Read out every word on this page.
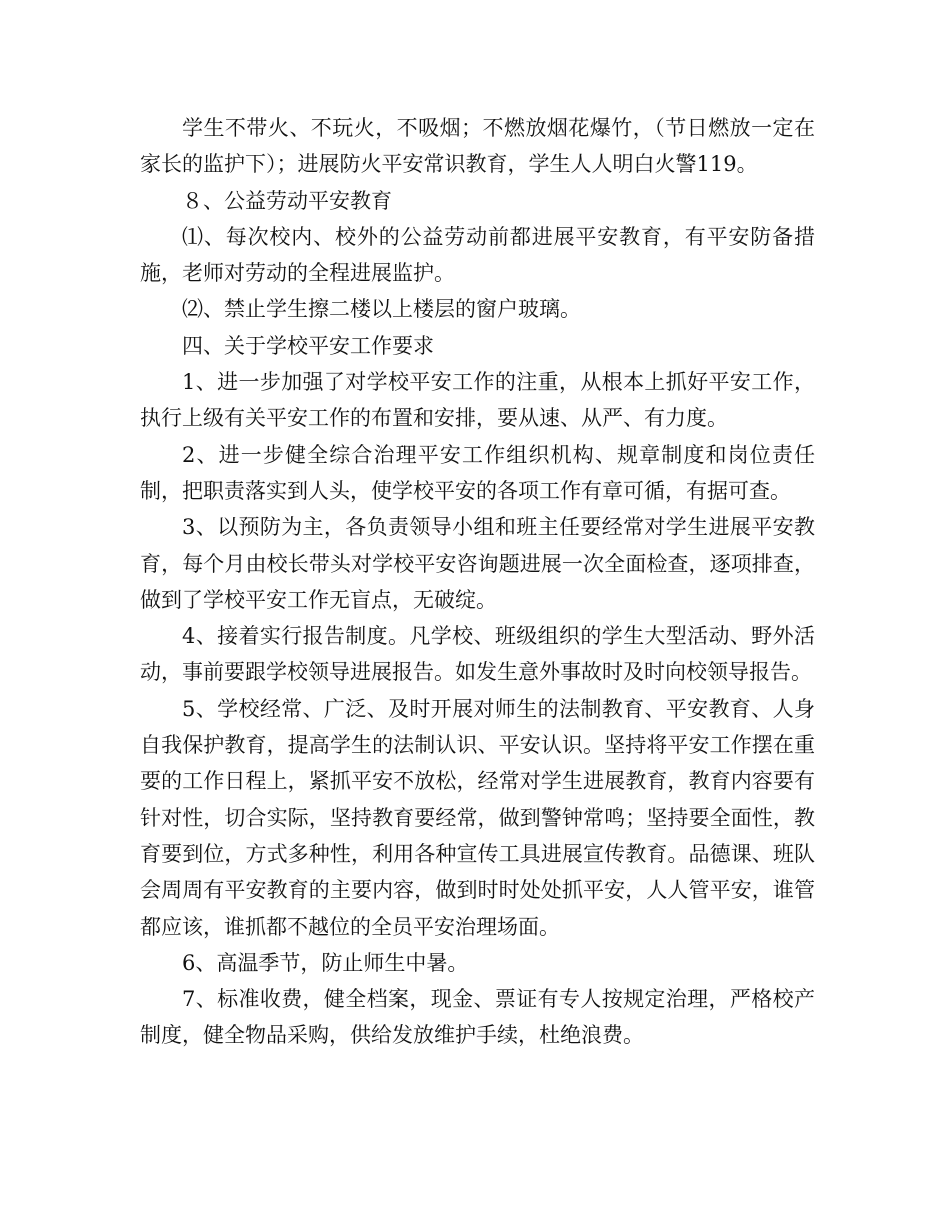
学生不带火、不玩火，不吸烟；不燃放烟花爆竹，（节日燃放一定在家长的监护下）；进展防火平安常识教育，学生人人明白火警119。

８、公益劳动平安教育

⑴、每次校内、校外的公益劳动前都进展平安教育，有平安防备措施，老师对劳动的全程进展监护。

⑵、禁止学生擦二楼以上楼层的窗户玻璃。

四、关于学校平安工作要求

1、进一步加强了对学校平安工作的注重，从根本上抓好平安工作，执行上级有关平安工作的布置和安排，要从速、从严、有力度。

2、进一步健全综合治理平安工作组织机构、规章制度和岗位责任制，把职责落实到人头，使学校平安的各项工作有章可循，有据可查。

3、以预防为主，各负责领导小组和班主任要经常对学生进展平安教育，每个月由校长带头对学校平安咨询题进展一次全面检查，逐项排查，做到了学校平安工作无盲点，无破绽。

4、接着实行报告制度。凡学校、班级组织的学生大型活动、野外活动，事前要跟学校领导进展报告。如发生意外事故时及时向校领导报告。

5、学校经常、广泛、及时开展对师生的法制教育、平安教育、人身自我保护教育，提高学生的法制认识、平安认识。坚持将平安工作摆在重要的工作日程上，紧抓平安不放松，经常对学生进展教育，教育内容要有针对性，切合实际，坚持教育要经常，做到警钟常鸣；坚持要全面性，教育要到位，方式多种性，利用各种宣传工具进展宣传教育。品德课、班队会周周有平安教育的主要内容，做到时时处处抓平安，人人管平安，谁管都应该，谁抓都不越位的全员平安治理场面。

6、高温季节，防止师生中暑。

7、标准收费，健全档案，现金、票证有专人按规定治理，严格校产制度，健全物品采购，供给发放维护手续，杜绝浪费。
